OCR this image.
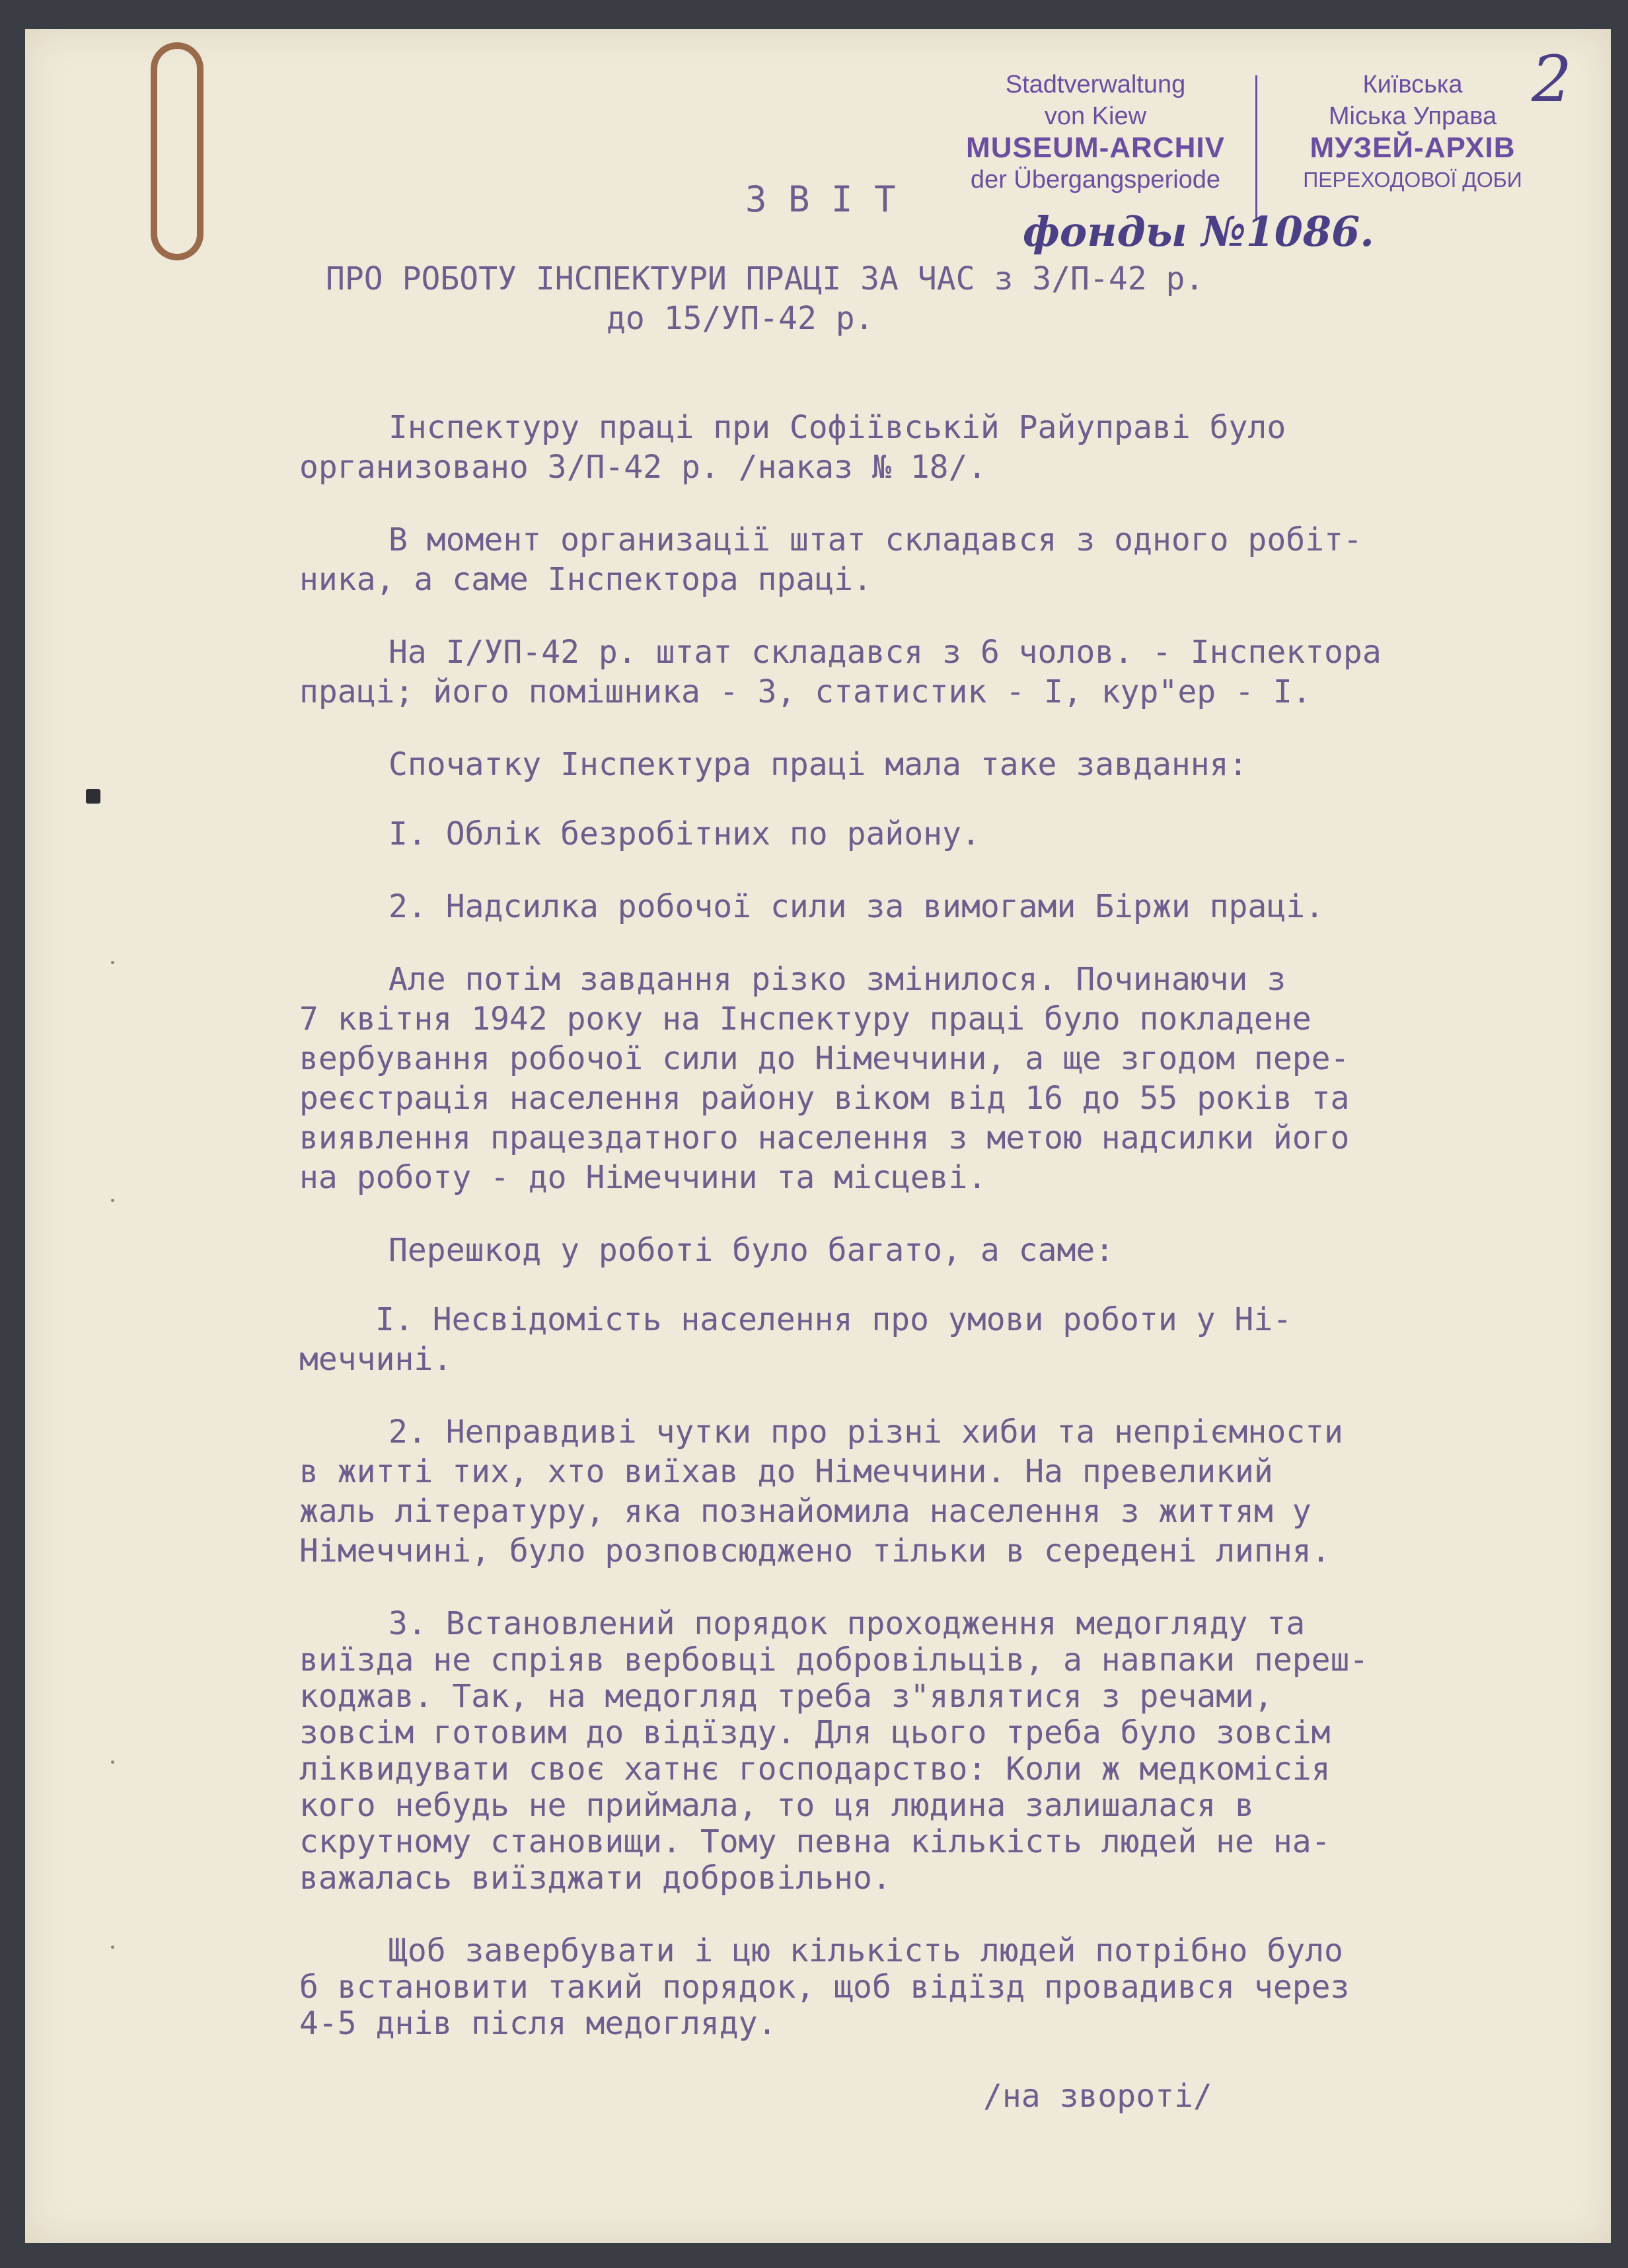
Stadtverwaltung
von Kiew
MUSEUM-ARCHIV
der Übergangsperiode
Київська
Міська Управа
МУЗЕЙ-АРХІВ
ПЕРЕХОДОВОЇ ДОБИ
2
фонды №1086.

З В І Т

ПРО РОБОТУ ІНСПЕКТУРИ ПРАЦІ ЗА ЧАС з 3/П-42 р.

до 15/УП-42 р.

Інспектуру праці при Софіївській Райуправі було

организовано 3/П-42 р. /наказ № 18/.

В момент организації штат складався з одного робіт-

ника, а саме Інспектора праці.

На І/УП-42 р. штат складався з 6 чолов. - Інспектора

праці; його помішника - 3, статистик - І, кур"ер - І.

Спочатку Інспектура праці мала таке завдання:

І. Облік безробітних по району.

2. Надсилка робочої сили за вимогами Біржи праці.

Але потім завдання різко змінилося. Починаючи з

7 квітня 1942 року на Інспектуру праці було покладене

вербування робочої сили до Німеччини, а ще згодом пере-

реєстрація населення району віком від 16 до 55 років та

виявлення працездатного населення з метою надсилки його

на роботу - до Німеччини та місцеві.

Перешкод у роботі було багато, а саме:

І. Несвідомість населення про умови роботи у Ні-

меччині.

2. Неправдиві чутки про різні хиби та непріємности

в житті тих, хто виїхав до Німеччини. На превеликий

жаль літературу, яка познайомила населення з життям у

Німеччині, було розповсюджено тільки в середені липня.

3. Встановлений порядок проходження медогляду та

виїзда не спріяв вербовці добровільців, а навпаки переш-

коджав. Так, на медогляд треба з"являтися з речами,

зовсім готовим до відїзду. Для цього треба було зовсім

ліквидувати своє хатнє господарство: Коли ж медкомісія

кого небудь не приймала, то ця людина залишалася в

скрутному становищи. Тому певна кількість людей не на-

важалась виїзджати добровільно.

Щоб завербувати і цю кількість людей потрібно було

б встановити такий порядок, щоб відїзд провадився через

4-5 днів після медогляду.

/на звороті/
